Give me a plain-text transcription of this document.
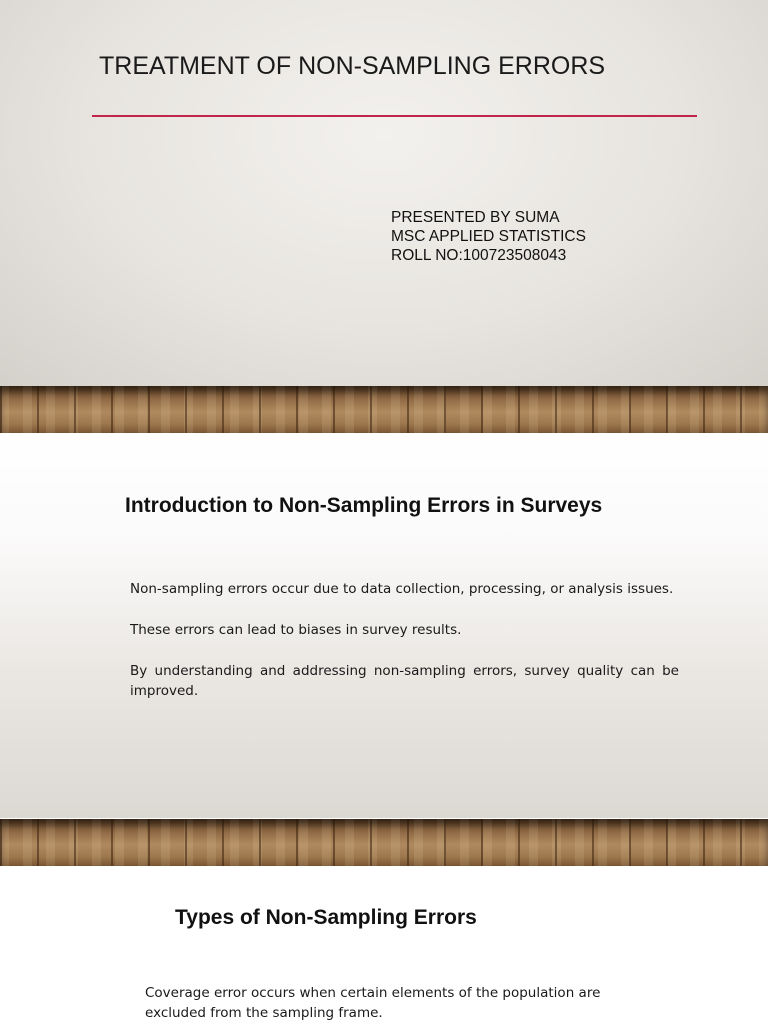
TREATMENT OF NON-SAMPLING ERRORS
PRESENTED BY SUMA
MSC APPLIED STATISTICS
ROLL NO:100723508043
Introduction to Non-Sampling Errors in Surveys

Non-sampling errors occur due to data collection, processing, or analysis issues.

These errors can lead to biases in survey results.

By understanding and addressing non-sampling errors, survey quality can be improved.

Types of Non-Sampling Errors

Coverage error occurs when certain elements of the population are excluded from the sampling frame.
